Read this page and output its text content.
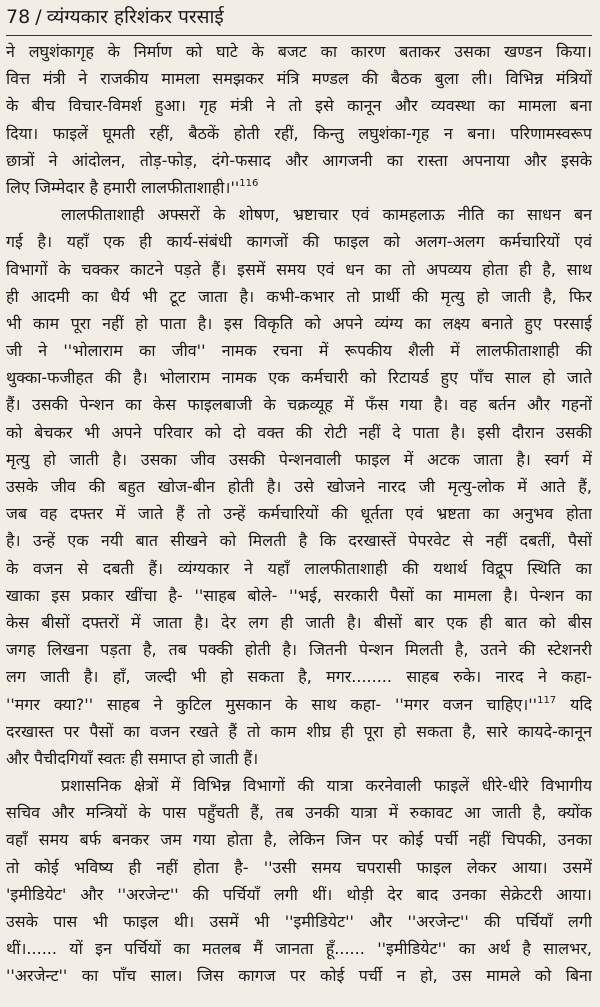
78 / व्यंग्यकार हरिशंकर परसाई
ने लघुशंकागृह के निर्माण को घाटे के बजट का कारण बताकर उसका खण्डन किया।
वित्त मंत्री ने राजकीय मामला समझकर मंत्रि मण्डल की बैठक बुला ली। विभिन्न मंत्रियों
के बीच विचार-विमर्श हुआ। गृह मंत्री ने तो इसे कानून और व्यवस्था का मामला बना
दिया। फाइलें घूमती रहीं, बैठकें होती रहीं, किन्तु लघुशंका-गृह न बना। परिणामस्वरूप
छात्रों ने आंदोलन, तोड़-फोड़, दंगे-फसाद और आगजनी का रास्ता अपनाया और इसके
लिए जिम्मेदार है हमारी $लालफीताशाही।''^{116}$
लालफीताशाही अफ्सरों के शोषण, भ्रष्टाचार एवं कामहलाऊ नीति का साधन बन
गई है। यहाँ एक ही कार्य-संबंधी कागजों की फाइल को अलग-अलग कर्मचारियों एवं
विभागों के चक्कर काटने पड़ते हैं। इसमें समय एवं धन का तो अपव्यय होता ही है, साथ
ही आदमी का धैर्य भी टूट जाता है। कभी-कभार तो प्रार्थी की मृत्यु हो जाती है, फिर
भी काम पूरा नहीं हो पाता है। इस विकृति को अपने व्यंग्य का लक्ष्य बनाते हुए परसाई
जी ने ''भोलाराम का जीव'' नामक रचना में रूपकीय शैली में लालफीताशाही की
थुक्का-फजीहत की है। भोलाराम नामक एक कर्मचारी को रिटायर्ड हुए पाँच साल हो जाते
हैं। उसकी पेन्शन का केस फाइलबाजी के चक्रव्यूह में फँस गया है। वह बर्तन और गहनों
को बेचकर भी अपने परिवार को दो वक्त की रोटी नहीं दे पाता है। इसी दौरान उसकी
मृत्यु हो जाती है। उसका जीव उसकी पेन्शनवाली फाइल में अटक जाता है। स्वर्ग में
उसके जीव की बहुत खोज-बीन होती है। उसे खोजने नारद जी मृत्यु-लोक में आते हैं,
जब वह दफ्तर में जाते हैं तो उन्हें कर्मचारियों की धूर्तता एवं भ्रष्टता का अनुभव होता
है। उन्हें एक नयी बात सीखने को मिलती है कि दरखास्तें पेपरवेट से नहीं दबतीं, पैसों
के वजन से दबती हैं। व्यंग्यकार ने यहाँ लालफीताशाही की यथार्थ विद्रूप स्थिति का
खाका इस प्रकार खींचा है- ''साहब बोले- ''भई, सरकारी पैसों का मामला है। पेन्शन का
केस बीसों दफ्तरों में जाता है। देर लग ही जाती है। बीसों बार एक ही बात को बीस
जगह लिखना पड़ता है, तब पक्की होती है। जितनी पेन्शन मिलती है, उतने की स्टेशनरी
लग जाती है। हाँ, जल्दी भी हो सकता है, मगर........ साहब रुके। नारद ने कहा-
''मगर क्या?'' साहब ने कुटिल मुसकान के साथ कहा- ''मगर वजन $चाहिए।''^{117}$ यदि
दरखास्त पर पैसों का वजन रखते हैं तो काम शीघ्र ही पूरा हो सकता है, सारे कायदे-कानून
और पैचीदगियाँ स्वतः ही समाप्त हो जाती हैं।
प्रशासनिक क्षेत्रों में विभिन्न विभागों की यात्रा करनेवाली फाइलें धीरे-धीरे विभागीय
सचिव और मन्त्रियों के पास पहुँचती हैं, तब उनकी यात्रा में रुकावट आ जाती है, क्योंक
वहाँ समय बर्फ बनकर जम गया होता है, लेकिन जिन पर कोई पर्ची नहीं चिपकी, उनका
तो कोई भविष्य ही नहीं होता है- ''उसी समय चपरासी फाइल लेकर आया। उसमें
'इमीडियेट' और ''अरजेन्ट'' की पर्चियाँ लगी थीं। थोड़ी देर बाद उनका सेक्रेटरी आया।
उसके पास भी फाइल थी। उसमें भी ''इमीडियेट'' और ''अरजेन्ट'' की पर्चियाँ लगी
थीं।...... यों इन पर्चियों का मतलब मैं जानता हूँ...... ''इमीडियेट'' का अर्थ है सालभर,
''अरजेन्ट'' का पाँच साल। जिस कागज पर कोई पर्ची न हो, उस मामले को बिना
